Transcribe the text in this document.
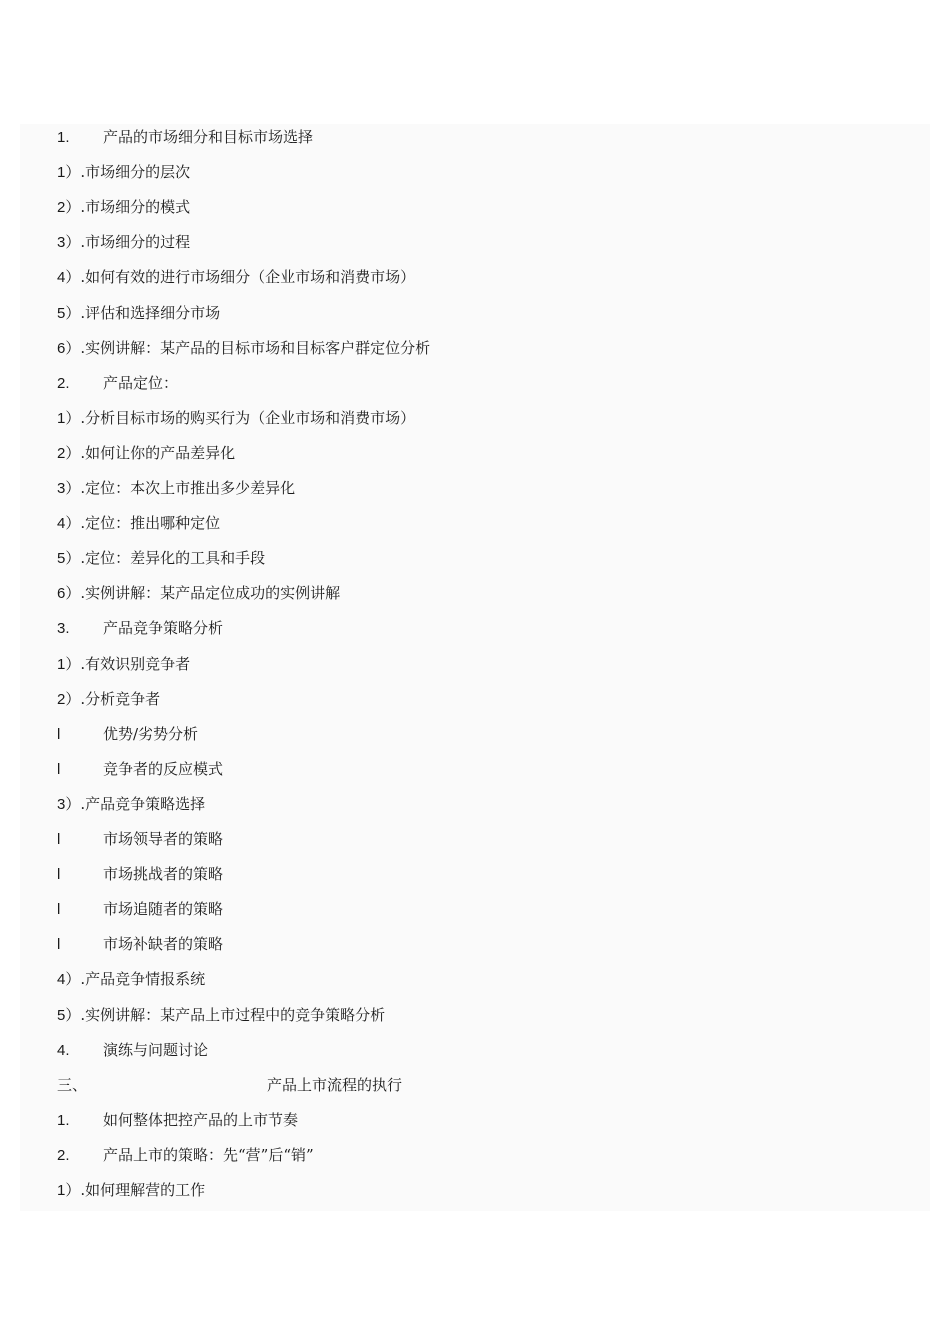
1. 产品的市场细分和目标市场选择
1）.市场细分的层次
2）.市场细分的模式
3）.市场细分的过程
4）.如何有效的进行市场细分（企业市场和消费市场）
5）.评估和选择细分市场
6）.实例讲解：某产品的目标市场和目标客户群定位分析
2. 产品定位：
1）.分析目标市场的购买行为（企业市场和消费市场）
2）.如何让你的产品差异化
3）.定位：本次上市推出多少差异化
4）.定位：推出哪种定位
5）.定位：差异化的工具和手段
6）.实例讲解：某产品定位成功的实例讲解
3. 产品竞争策略分析
1）.有效识别竞争者
2）.分析竞争者
l	优势/劣势分析
l	竞争者的反应模式
3）.产品竞争策略选择
l	市场领导者的策略
l	市场挑战者的策略
l	市场追随者的策略
l	市场补缺者的策略
4）.产品竞争情报系统
5）.实例讲解：某产品上市过程中的竞争策略分析
4. 演练与问题讨论
三、	产品上市流程的执行
1. 如何整体把控产品的上市节奏
2. 产品上市的策略：先“营”后“销”
1）.如何理解营的工作
